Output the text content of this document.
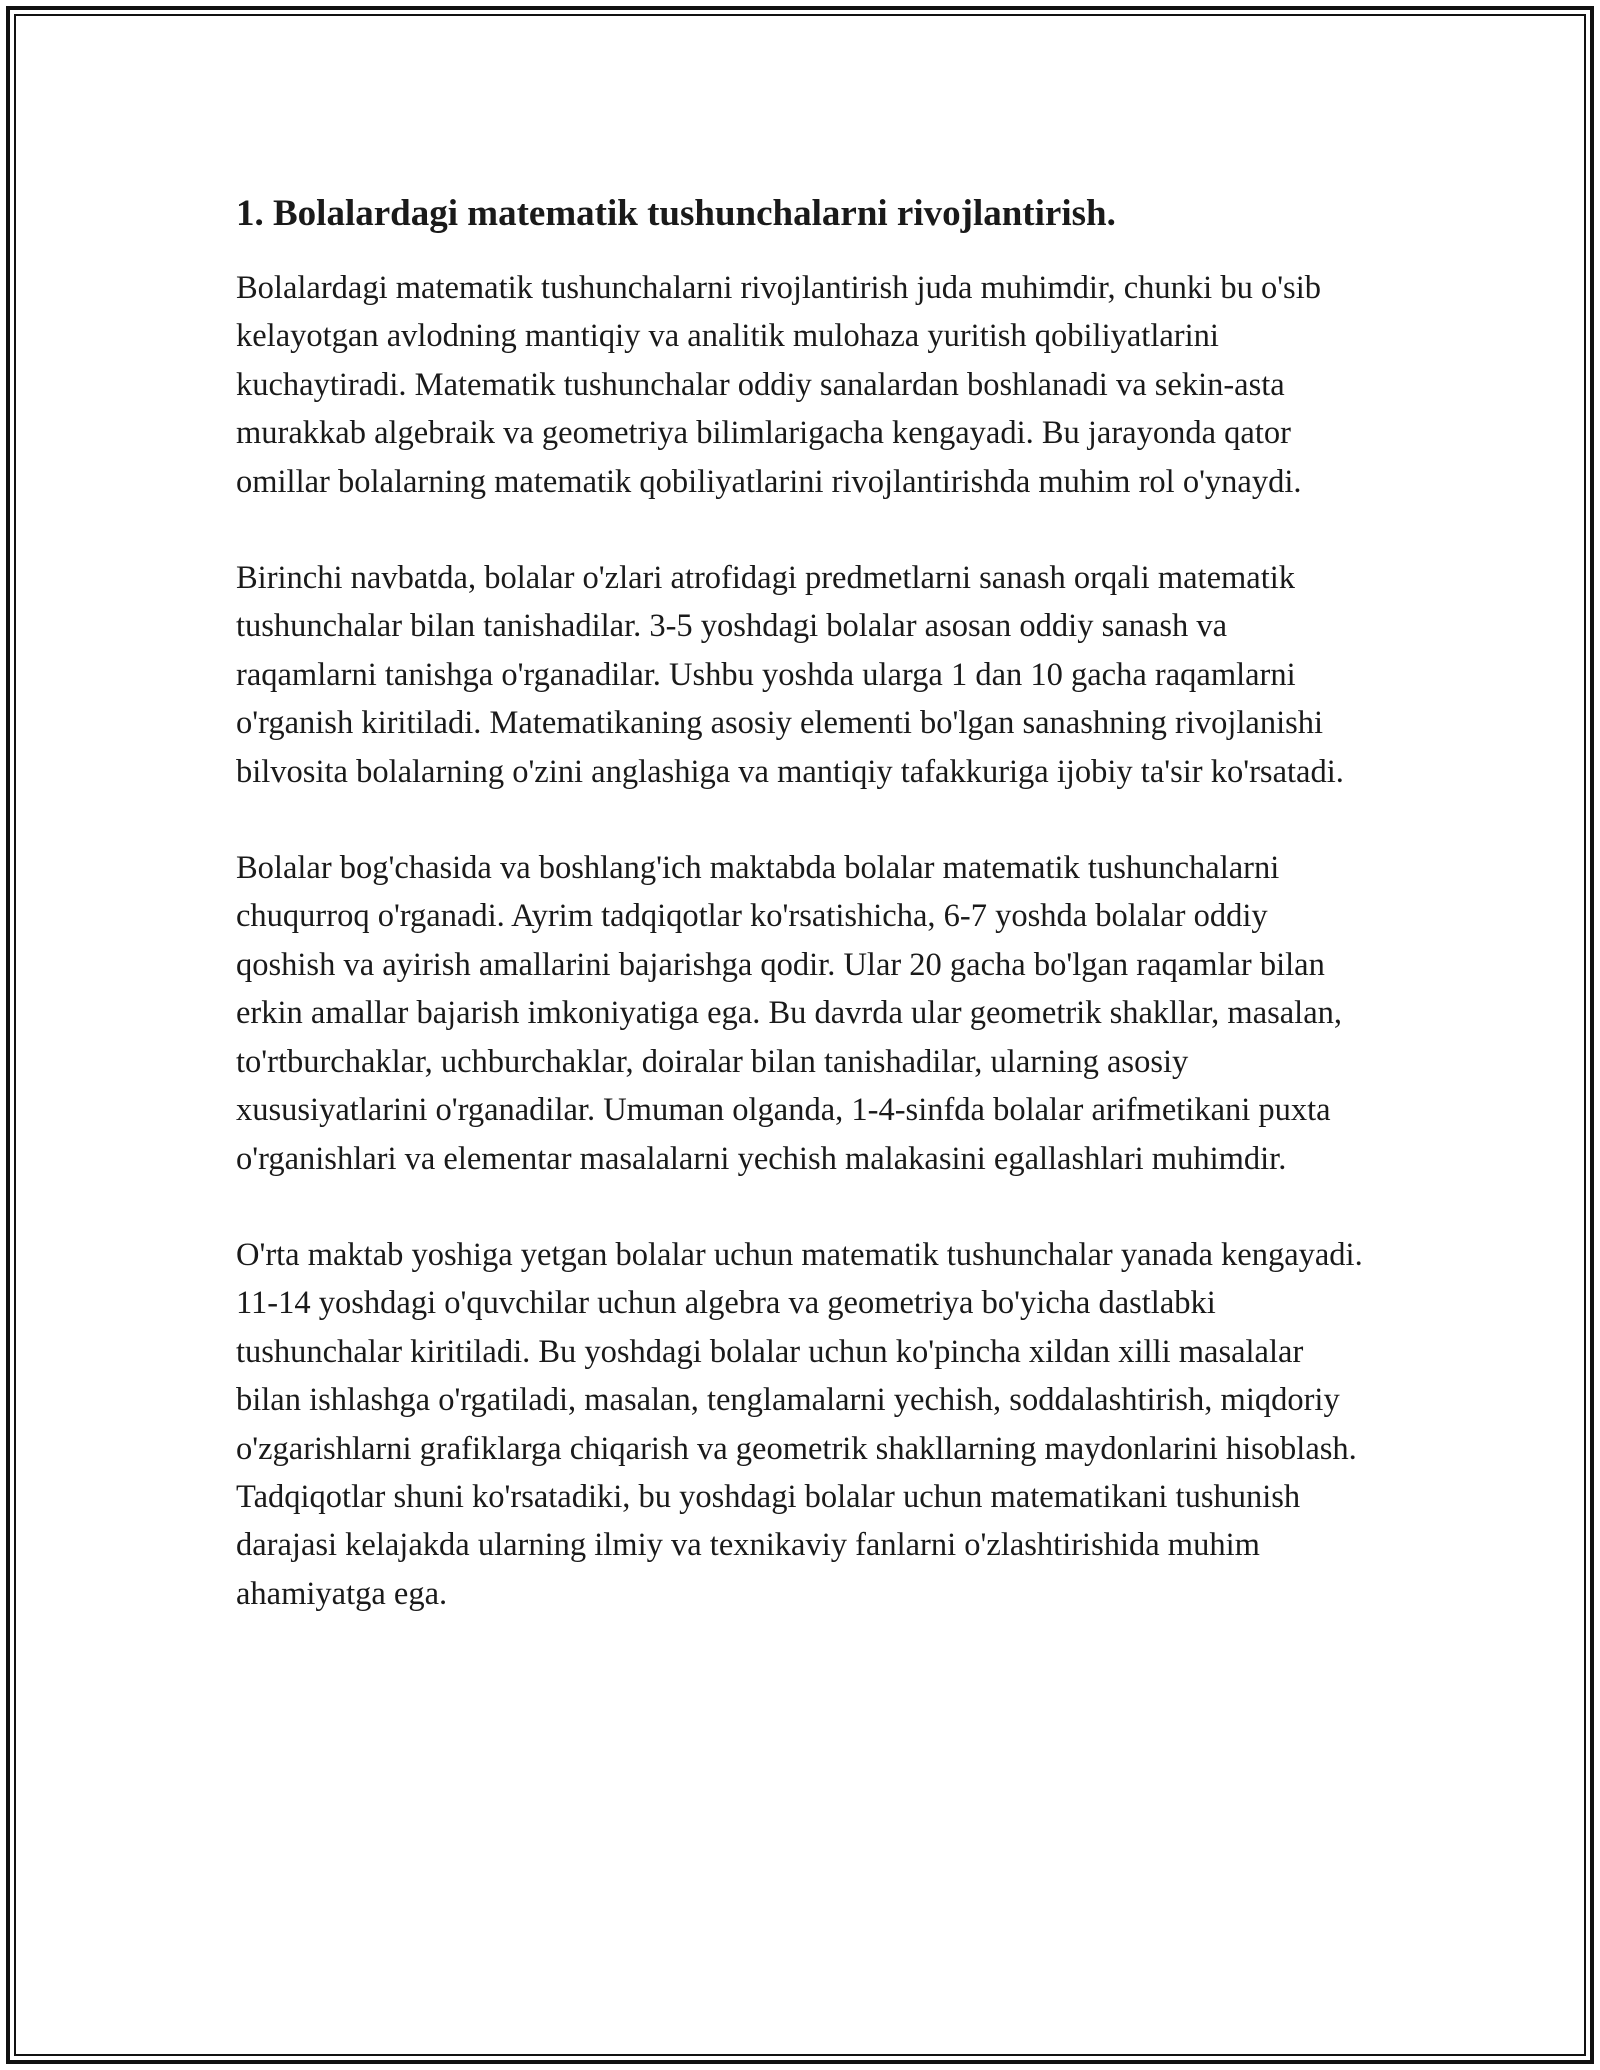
1. Bolalardagi matematik tushunchalarni rivojlantirish.

Bolalardagi matematik tushunchalarni rivojlantirish juda muhimdir, chunki bu o'sib kelayotgan avlodning mantiqiy va analitik mulohaza yuritish qobiliyatlarini kuchaytiradi. Matematik tushunchalar oddiy sanalardan boshlanadi va sekin-asta murakkab algebraik va geometriya bilimlarigacha kengayadi. Bu jarayonda qator omillar bolalarning matematik qobiliyatlarini rivojlantirishda muhim rol o'ynaydi.

Birinchi navbatda, bolalar o'zlari atrofidagi predmetlarni sanash orqali matematik tushunchalar bilan tanishadilar. 3-5 yoshdagi bolalar asosan oddiy sanash va raqamlarni tanishga o'rganadilar. Ushbu yoshda ularga 1 dan 10 gacha raqamlarni o'rganish kiritiladi. Matematikaning asosiy elementi bo'lgan sanashning rivojlanishi bilvosita bolalarning o'zini anglashiga va mantiqiy tafakkuriga ijobiy ta'sir ko'rsatadi.

Bolalar bog'chasida va boshlang'ich maktabda bolalar matematik tushunchalarni chuqurroq o'rganadi. Ayrim tadqiqotlar ko'rsatishicha, 6-7 yoshda bolalar oddiy qoshish va ayirish amallarini bajarishga qodir. Ular 20 gacha bo'lgan raqamlar bilan erkin amallar bajarish imkoniyatiga ega. Bu davrda ular geometrik shakllar, masalan, to'rtburchaklar, uchburchaklar, doiralar bilan tanishadilar, ularning asosiy xususiyatlarini o'rganadilar. Umuman olganda, 1-4-sinfda bolalar arifmetikani puxta o'rganishlari va elementar masalalarni yechish malakasini egallashlari muhimdir.

O'rta maktab yoshiga yetgan bolalar uchun matematik tushunchalar yanada kengayadi. 11-14 yoshdagi o'quvchilar uchun algebra va geometriya bo'yicha dastlabki tushunchalar kiritiladi. Bu yoshdagi bolalar uchun ko'pincha xildan xilli masalalar bilan ishlashga o'rgatiladi, masalan, tenglamalarni yechish, soddalashtirish, miqdoriy o'zgarishlarni grafiklarga chiqarish va geometrik shakllarning maydonlarini hisoblash. Tadqiqotlar shuni ko'rsatadiki, bu yoshdagi bolalar uchun matematikani tushunish darajasi kelajakda ularning ilmiy va texnikaviy fanlarni o'zlashtirishida muhim ahamiyatga ega.
